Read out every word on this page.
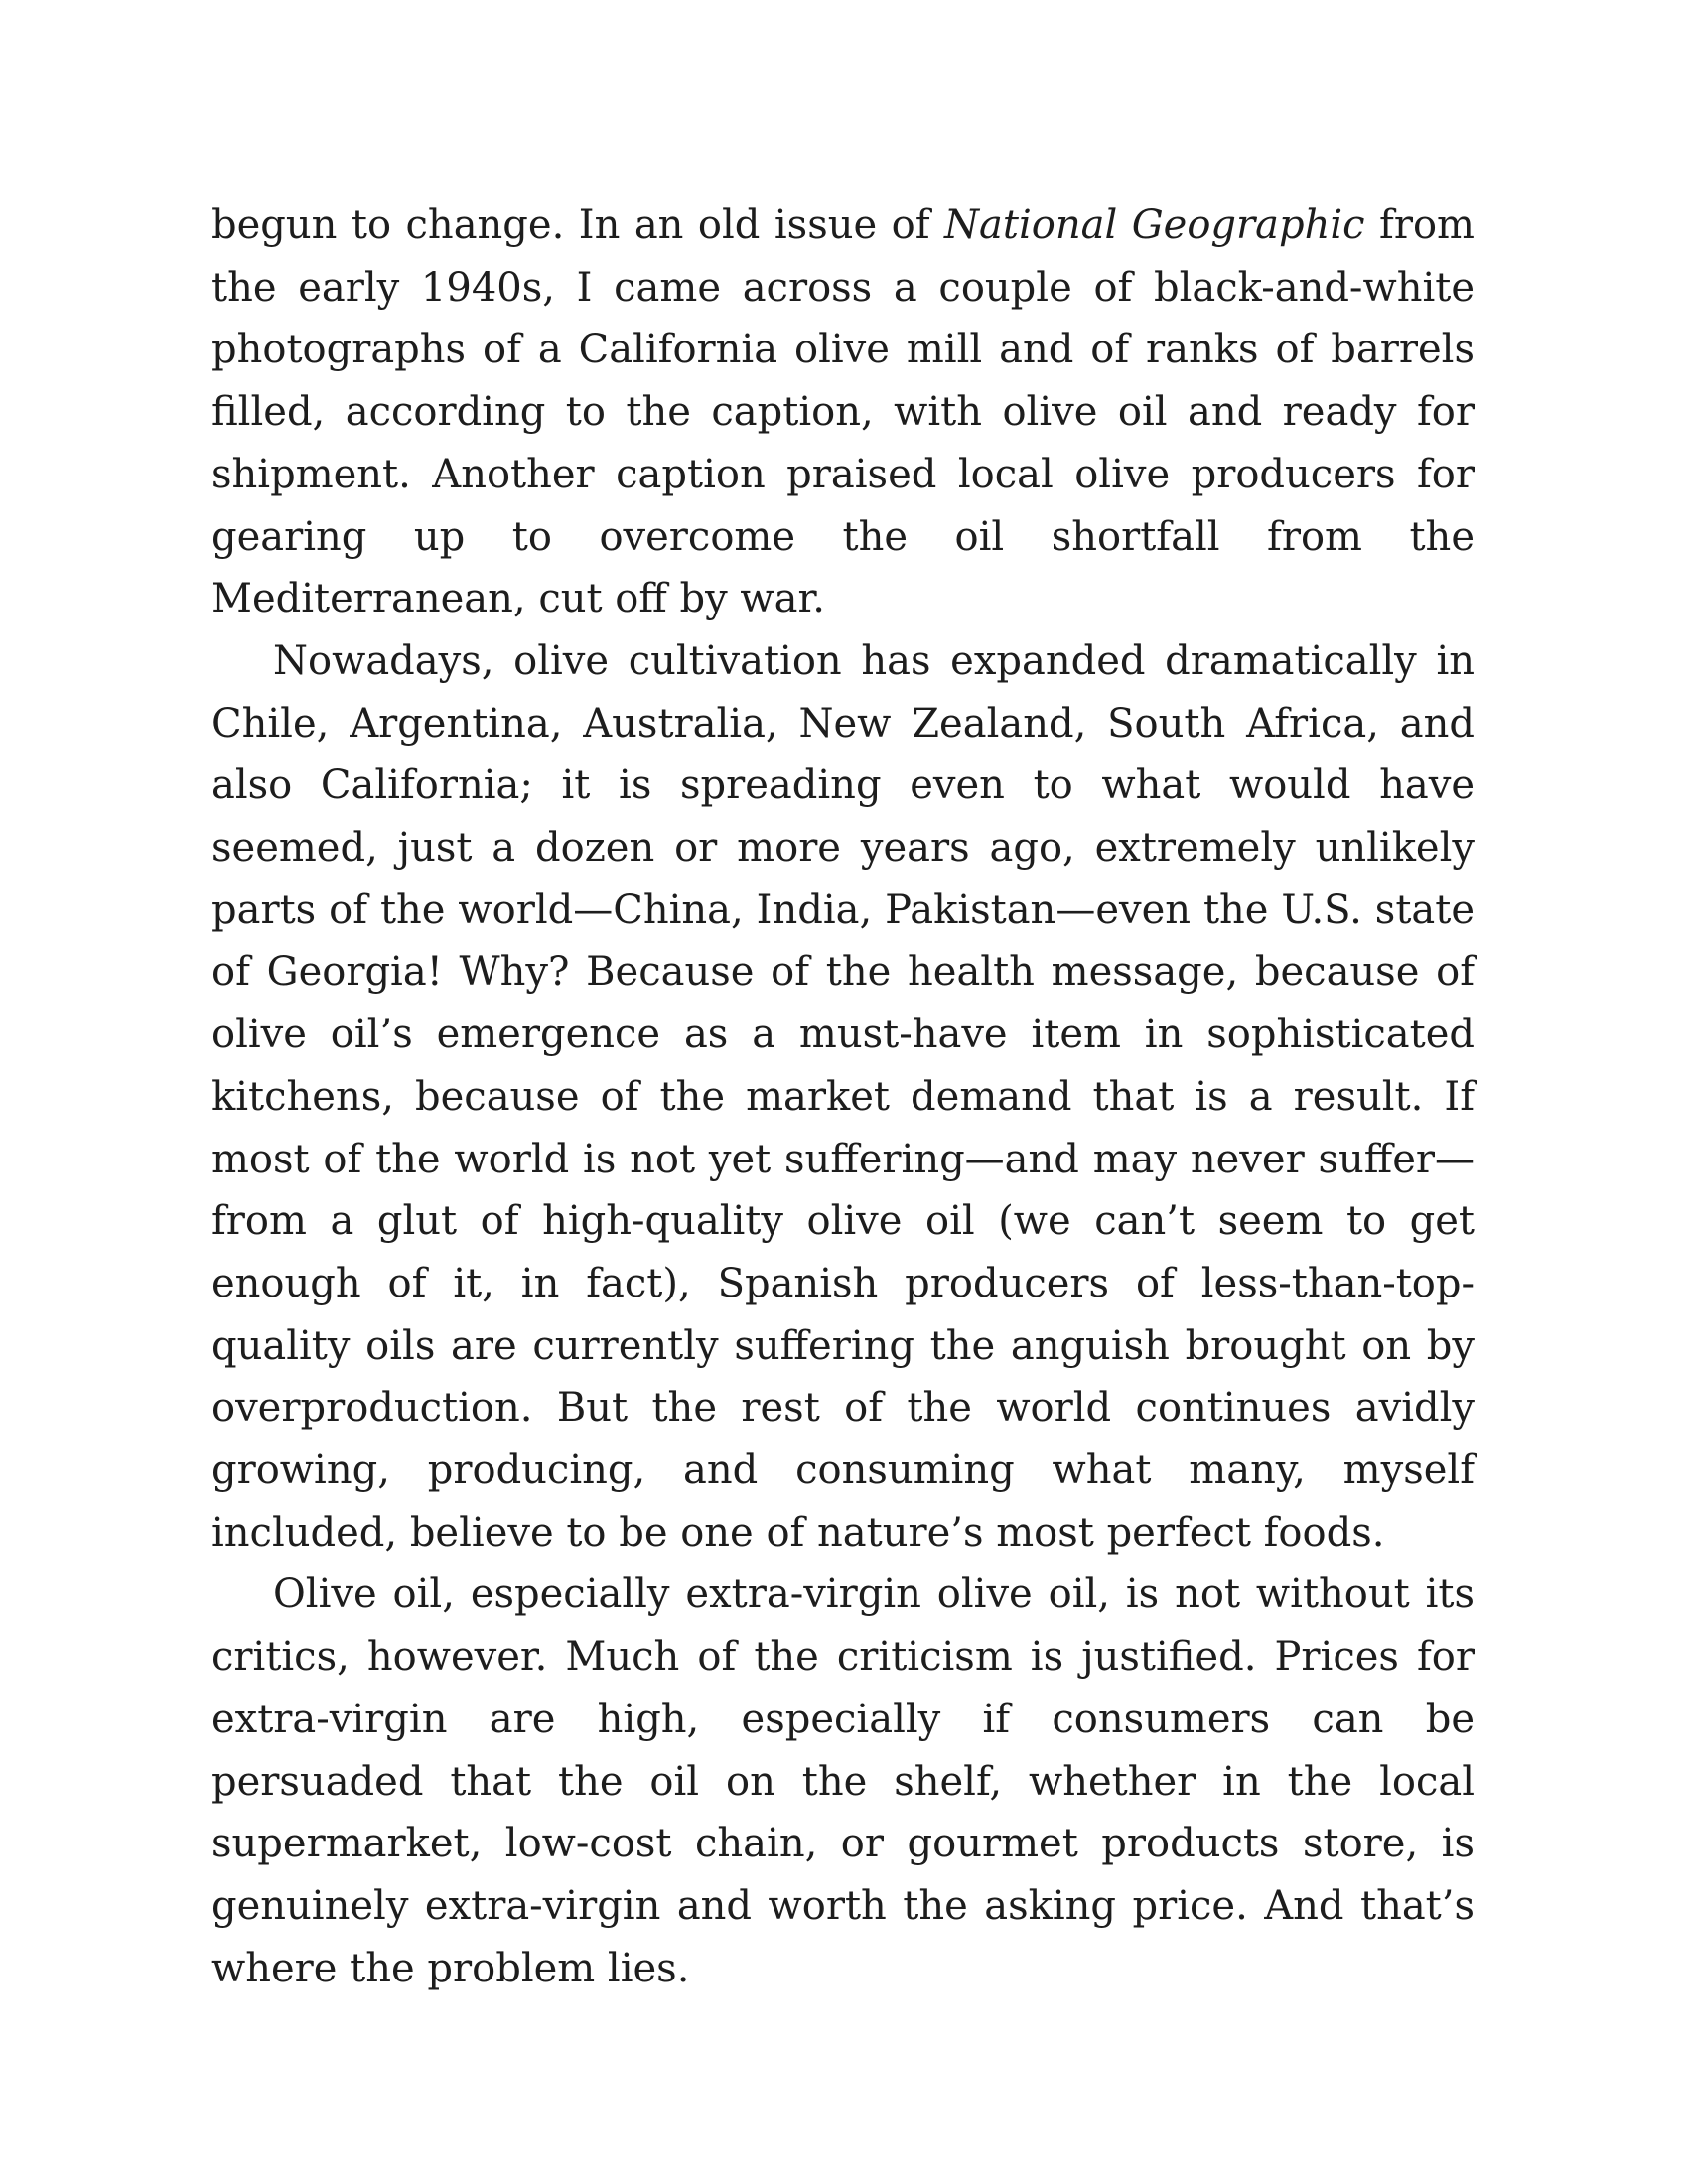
begun to change. In an old issue of National Geographic from the early 1940s, I came across a couple of black-and-white photographs of a California olive mill and of ranks of barrels filled, according to the caption, with olive oil and ready for shipment. Another caption praised local olive producers for gearing up to overcome the oil shortfall from the Mediterranean, cut off by war.

Nowadays, olive cultivation has expanded dramatically in Chile, Argentina, Australia, New Zealand, South Africa, and also California; it is spreading even to what would have seemed, just a dozen or more years ago, extremely unlikely parts of the world—China, India, Pakistan—even the U.S. state of Georgia! Why? Because of the health message, because of olive oil’s emergence as a must-have item in sophisticated kitchens, because of the market demand that is a result. If most of the world is not yet suffering—and may never suffer—from a glut of high-quality olive oil (we can’t seem to get enough of it, in fact), Spanish producers of less-than-top-quality oils are currently suffering the anguish brought on by overproduction. But the rest of the world continues avidly growing, producing, and consuming what many, myself included, believe to be one of nature’s most perfect foods.

Olive oil, especially extra-virgin olive oil, is not without its critics, however. Much of the criticism is justified. Prices for extra-virgin are high, especially if consumers can be persuaded that the oil on the shelf, whether in the local supermarket, low-cost chain, or gourmet products store, is genuinely extra-virgin and worth the asking price. And that’s where the problem lies.
